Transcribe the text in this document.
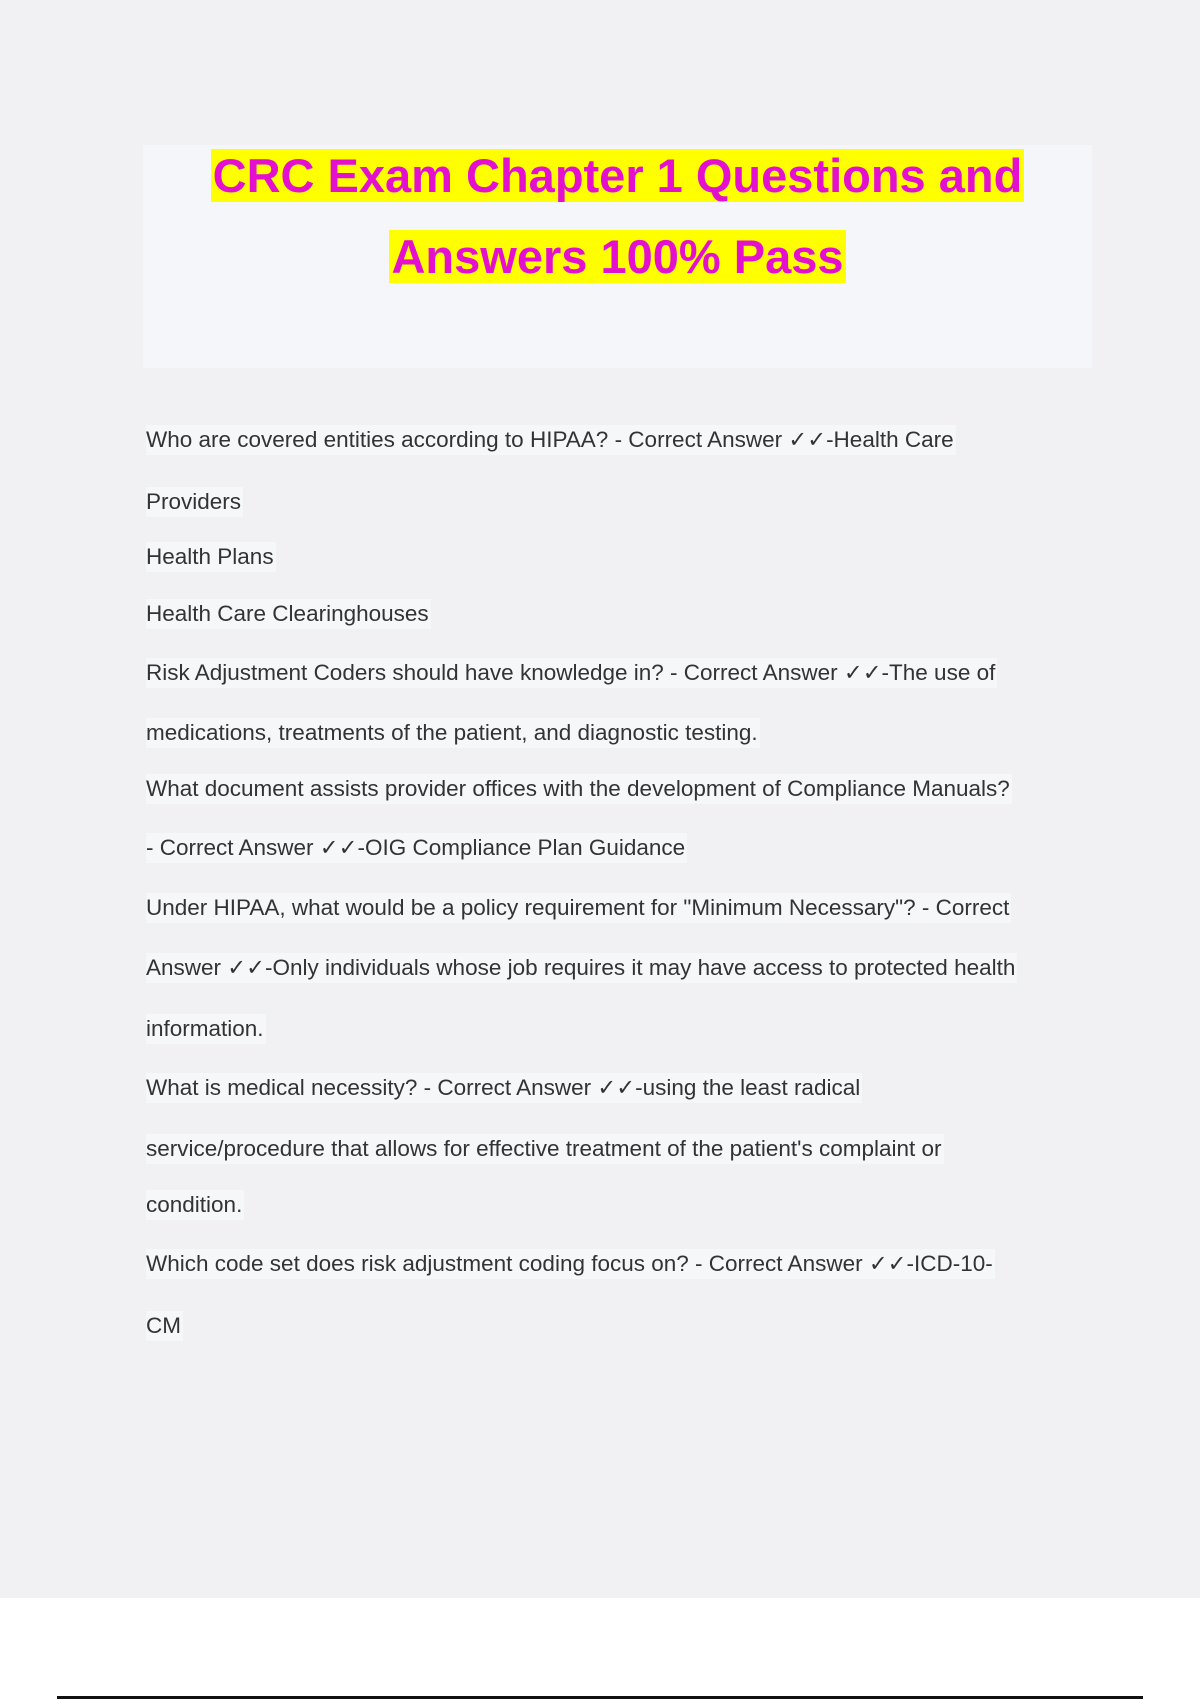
CRC Exam Chapter 1 Questions and
Answers 100% Pass
Who are covered entities according to HIPAA? - Correct Answer ✓✓-Health Care
Providers
Health Plans
Health Care Clearinghouses
Risk Adjustment Coders should have knowledge in? - Correct Answer ✓✓-The use of
medications, treatments of the patient, and diagnostic testing.
What document assists provider offices with the development of Compliance Manuals?
- Correct Answer ✓✓-OIG Compliance Plan Guidance
Under HIPAA, what would be a policy requirement for "Minimum Necessary"? - Correct
Answer ✓✓-Only individuals whose job requires it may have access to protected health
information.
What is medical necessity? - Correct Answer ✓✓-using the least radical
service/procedure that allows for effective treatment of the patient's complaint or
condition.
Which code set does risk adjustment coding focus on? - Correct Answer ✓✓-ICD-10-
CM
